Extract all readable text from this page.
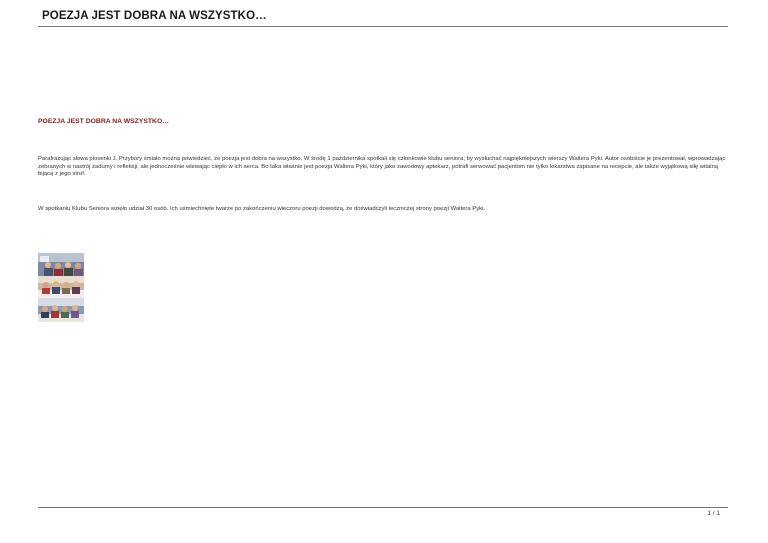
POEZJA JEST DOBRA NA WSZYSTKO…
POEZJA JEST DOBRA NA WSZYSTKO…

Parafrazując słowa piosenki J. Przybory śmiało można powiedzieć, że poezja jest dobra na wszystko. W środę 1 października spotkali się członkowie klubu seniora, by wysłuchać najpiękniejszych wierszy Waltera Pyki. Autor osobiście je prezentował, wprowadzając zebranych w nastrój zadumy i refleksji, ale jednocześnie wlewając ciepło w ich serca. Bo taka właśnie jest poezja Waltera Pyki, który jako zawodowy aptekarz, potrafi serwować pacjentom nie tylko lekarstwa zapisane na recepcie, ale także wyjątkową siłę witalną bijącą z jego strof.

W spotkaniu Klubu Seniora wzięło udział 30 osób. Ich uśmiechnięte twarze po zakończeniu wieczoru poezji dowodzą, że doświadczyli leczniczej strony poezji Waltera Pyki.

1 / 1
